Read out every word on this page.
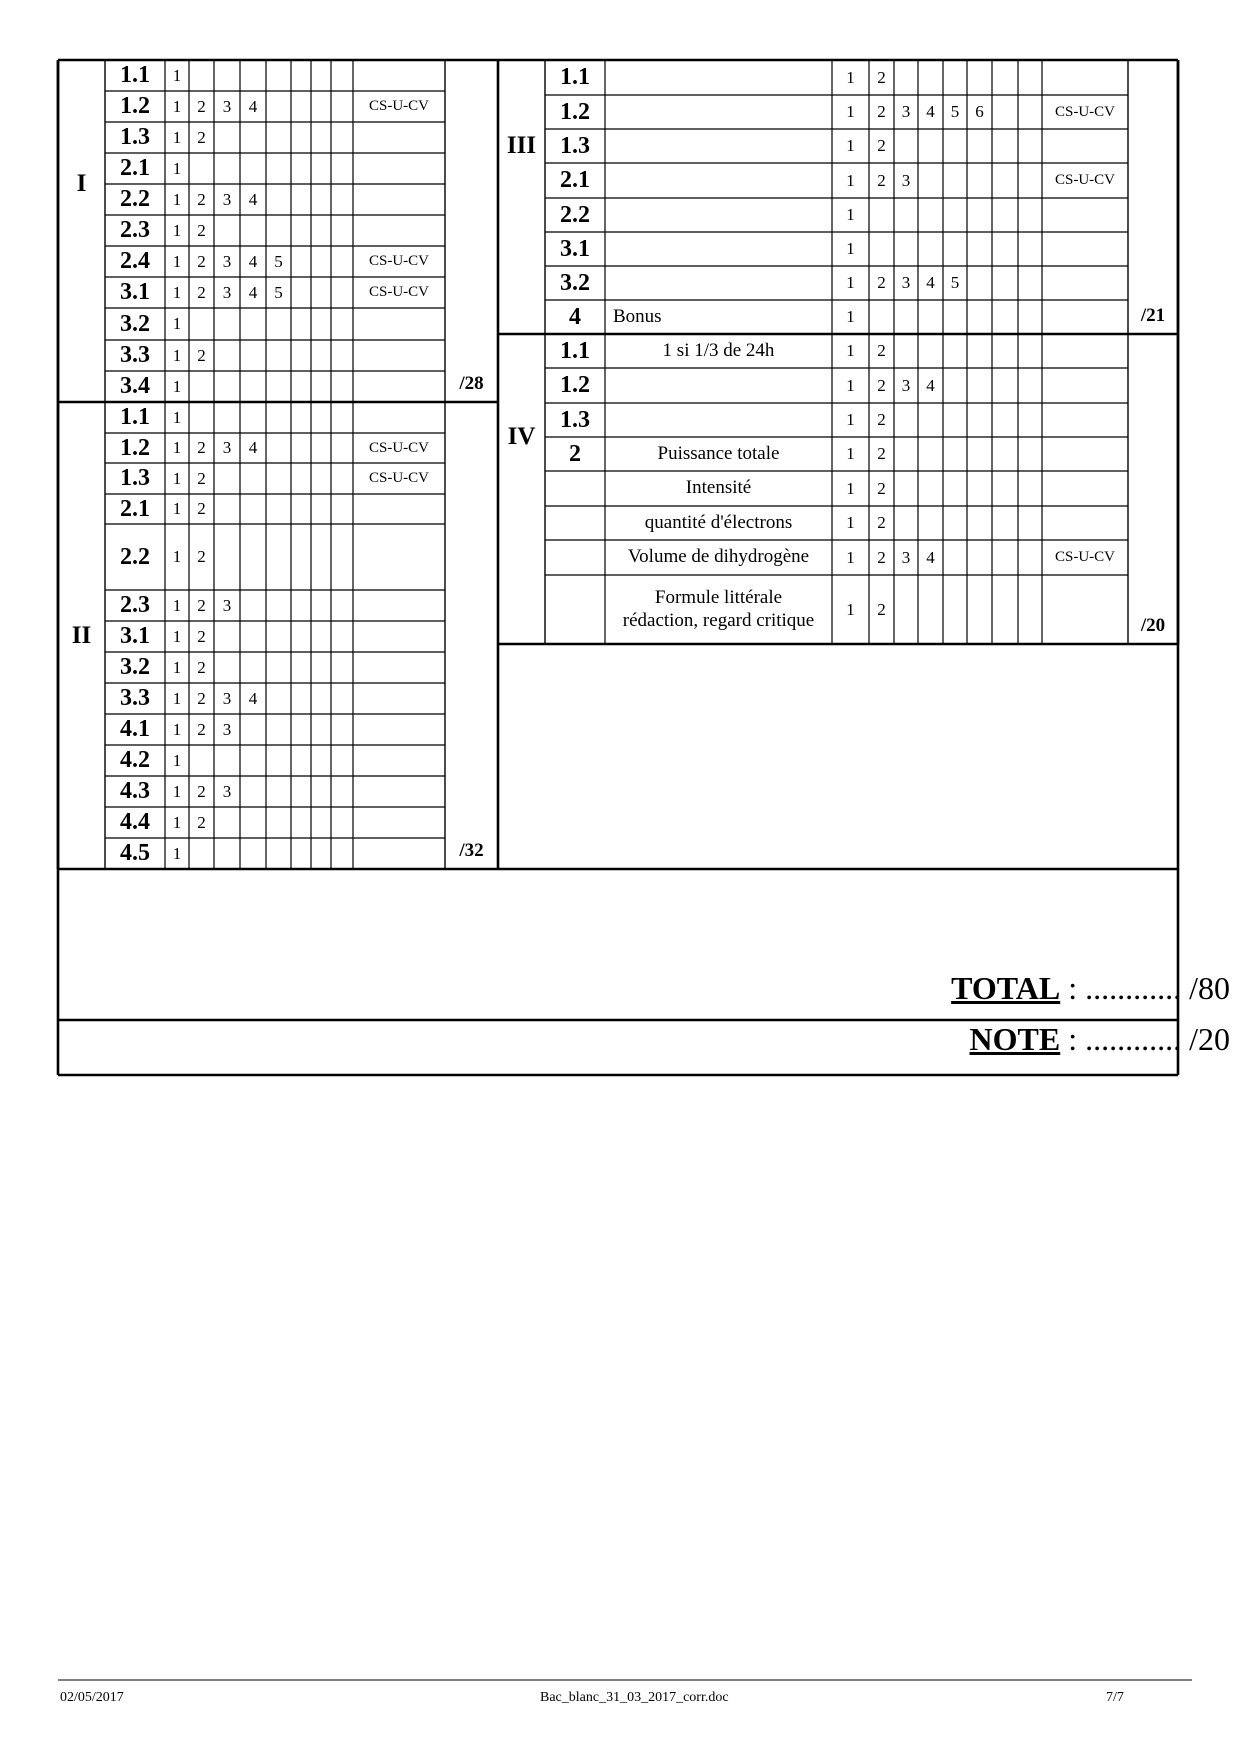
1.1	1
1.2	1 2	3	4	CS-U-CV
1.3	1 2
2.1	1
2.2	1 2	3	4
2.3	1 2
2.4	1 2	3	4	5	CS-U-CV
3.1	1 2	3	4	5	CS-U-CV
3.2	1
3.3	1 2
3.4	1
I
/28
1.1	1
1.2	1 2	3	4	CS-U-CV
1.3	1 2	CS-U-CV
2.1	1 2
2.2	1 2
2.3	1 2	3
3.1	1 2
3.2	1 2
3.3	1 2	3	4
4.1	1 2	3
4.2	1
4.3	1 2	3
4.4	1 2
4.5	1
II
/32
1.1	1	2
1.2	1	2 3 4 5 6	CS-U-CV
1.3	1	2
2.1	1	2 3	CS-U-CV
2.2	1
3.1	1
3.2	1	2 3 4 5
4	Bonus	1
III
/21
1.1	1 si 1/3 de 24h	1	2
1.2	1	2 3 4
1.3	1	2
2	Puissance totale	1	2
Intensité	1	2
quantité d'électrons	1	2
Volume de dihydrogène	1	2 3 4	CS-U-CV
Formule littérale
rédaction, regard critique
1	2
IV
/20
TOTAL : ............ /80
NOTE : ............ /20
02/05/2017	Bac_blanc_31_03_2017_corr.doc	7/7
